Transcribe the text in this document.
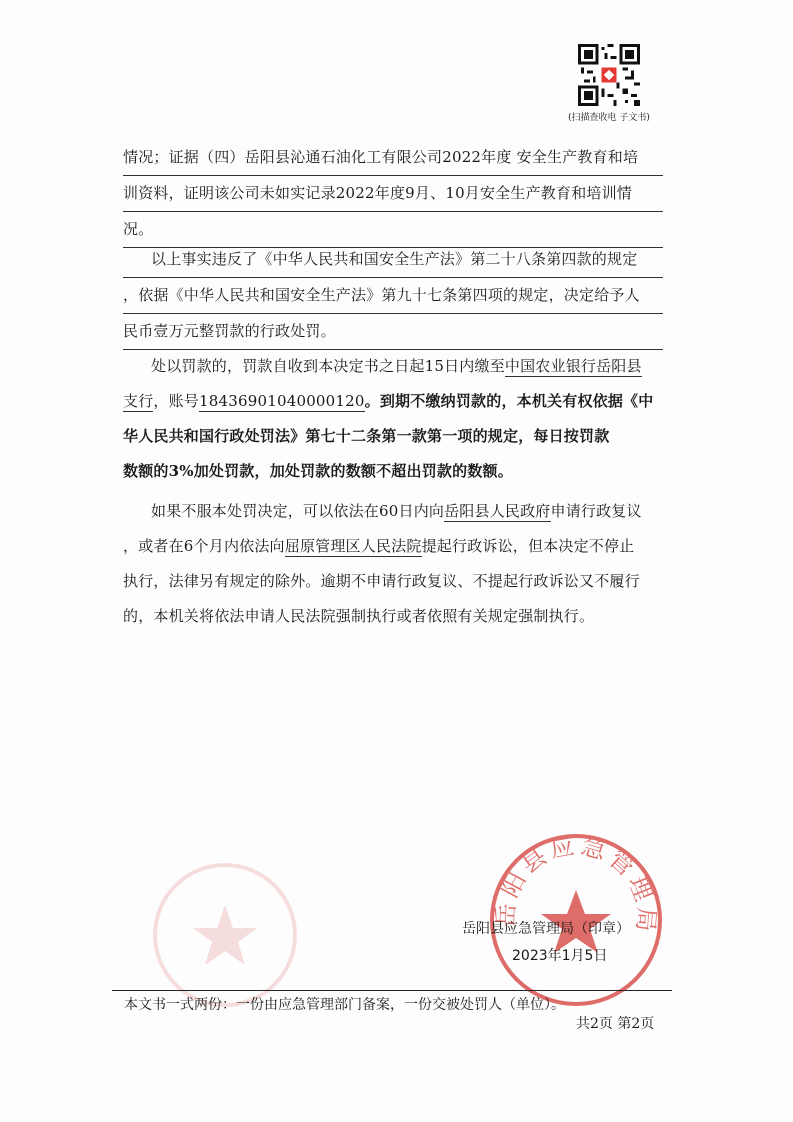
(扫描查收电 子文书)
情况；证据（四）岳阳县沁通石油化工有限公司2022年度 安全生产教育和培
训资料，证明该公司未如实记录2022年度9月、10月安全生产教育和培训情
况。
以上事实违反了《中华人民共和国安全生产法》第二十八条第四款的规定
，依据《中华人民共和国安全生产法》第九十七条第四项的规定，决定给予人
民币壹万元整罚款的行政处罚。
处以罚款的，罚款自收到本决定书之日起15日内缴至中国农业银行岳阳县
支行，账号18436901040000120。到期不缴纳罚款的，本机关有权依据《中
华人民共和国行政处罚法》第七十二条第一款第一项的规定，每日按罚款
数额的3%加处罚款，加处罚款的数额不超出罚款的数额。
如果不服本处罚决定，可以依法在60日内向岳阳县人民政府申请行政复议
，或者在6个月内依法向屈原管理区人民法院提起行政诉讼，但本决定不停止
执行，法律另有规定的除外。逾期不申请行政复议、不提起行政诉讼又不履行
的，本机关将依法申请人民法院强制执行或者依照有关规定强制执行。
岳阳县应急管理局
岳阳县应急管理局（印章）
2023年1月5日
本文书一式两份：一份由应急管理部门备案，一份交被处罚人（单位）。
共2页 第2页
